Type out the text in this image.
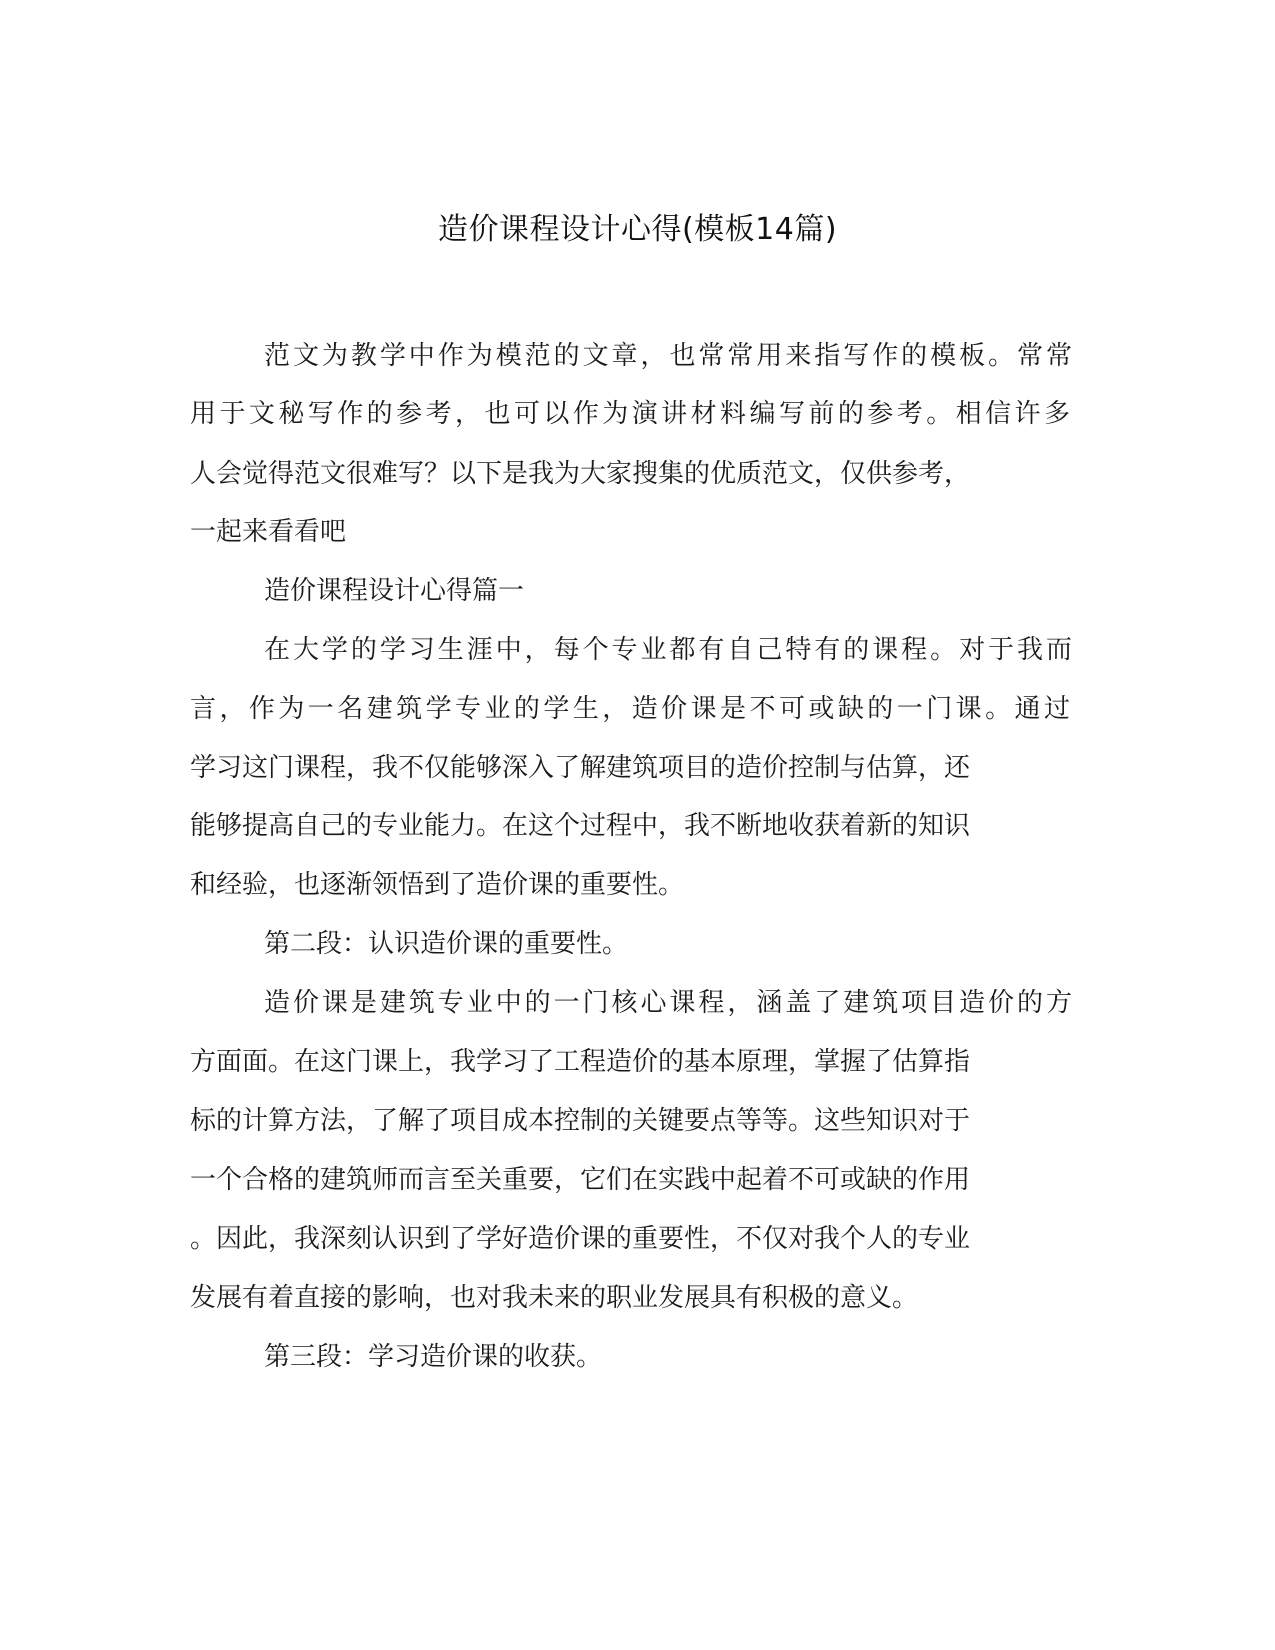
造价课程设计心得(模板14篇)
范文为教学中作为模范的文章，也常常用来指写作的模板。常常
用于文秘写作的参考，也可以作为演讲材料编写前的参考。相信许多
人会觉得范文很难写？以下是我为大家搜集的优质范文，仅供参考，
一起来看看吧
造价课程设计心得篇一
在大学的学习生涯中，每个专业都有自己特有的课程。对于我而
言，作为一名建筑学专业的学生，造价课是不可或缺的一门课。通过
学习这门课程，我不仅能够深入了解建筑项目的造价控制与估算，还
能够提高自己的专业能力。在这个过程中，我不断地收获着新的知识
和经验，也逐渐领悟到了造价课的重要性。
第二段：认识造价课的重要性。
造价课是建筑专业中的一门核心课程，涵盖了建筑项目造价的方
方面面。在这门课上，我学习了工程造价的基本原理，掌握了估算指
标的计算方法，了解了项目成本控制的关键要点等等。这些知识对于
一个合格的建筑师而言至关重要，它们在实践中起着不可或缺的作用
。因此，我深刻认识到了学好造价课的重要性，不仅对我个人的专业
发展有着直接的影响，也对我未来的职业发展具有积极的意义。
第三段：学习造价课的收获。
